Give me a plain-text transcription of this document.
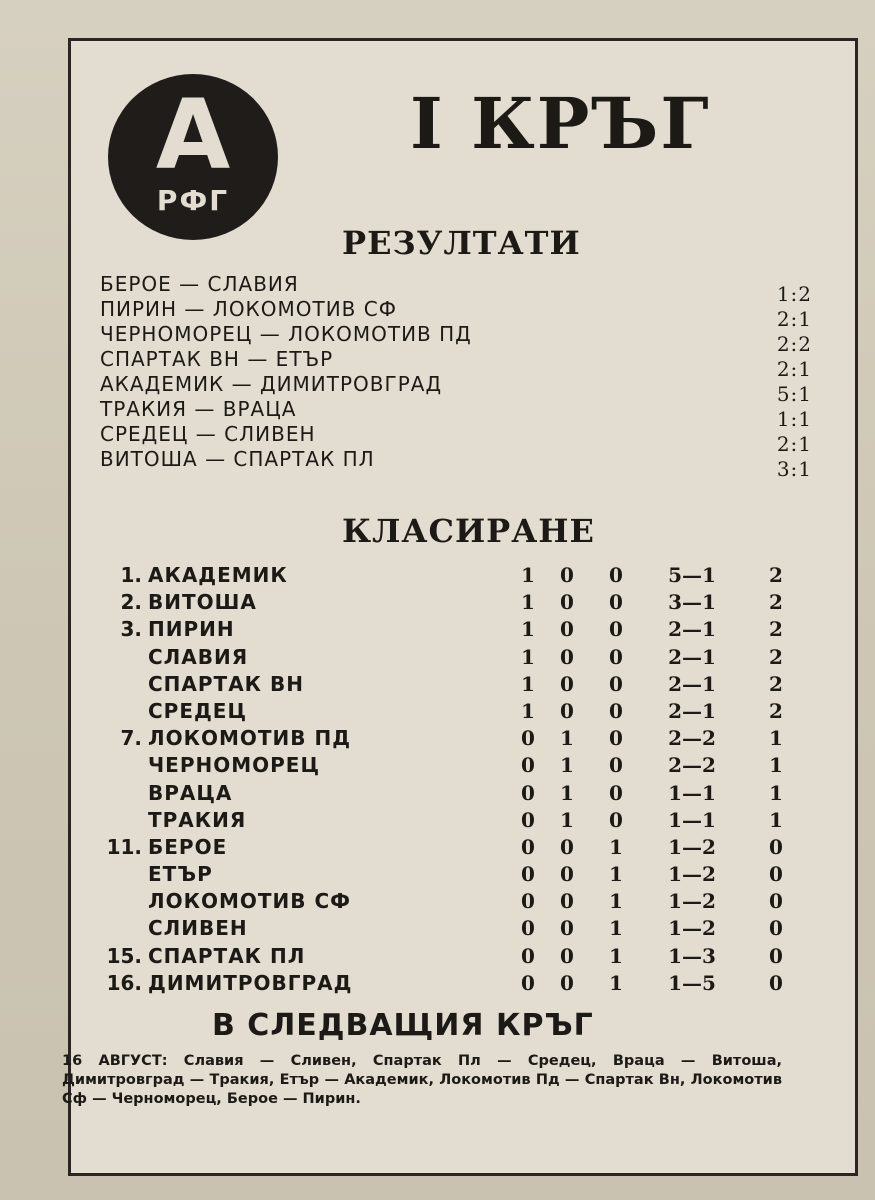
А
РФГ
I КРЪГ
РЕЗУЛТАТИ
БЕРОЕ — СЛАВИЯ	1:2
ПИРИН — ЛОКОМОТИВ СФ	2:1
ЧЕРНОМОРЕЦ — ЛОКОМОТИВ ПД	2:2
СПАРТАК ВН — ЕТЪР	2:1
АКАДЕМИК — ДИМИТРОВГРАД	5:1
ТРАКИЯ — ВРАЦА	1:1
СРЕДЕЦ — СЛИВЕН	2:1
ВИТОША — СПАРТАК ПЛ	3:1
КЛАСИРАНЕ
1. АКАДЕМИК	1 0 0	5—1	2
2. ВИТОША	1 0 0	3—1	2
3. ПИРИН	1 0 0	2—1	2
СЛАВИЯ	1 0 0	2—1	2
СПАРТАК ВН	1 0 0	2—1	2
СРЕДЕЦ	1 0 0	2—1	2
7. ЛОКОМОТИВ ПД	0 1 0	2—2	1
ЧЕРНОМОРЕЦ	0 1 0	2—2	1
ВРАЦА	0 1 0	1—1	1
ТРАКИЯ	0 1 0	1—1	1
11. БЕРОЕ	0 0 1	1—2	0
ЕТЪР	0 0 1	1—2	0
ЛОКОМОТИВ СФ	0 0 1	1—2	0
СЛИВЕН	0 0 1	1—2	0
15. СПАРТАК ПЛ	0 0 1	1—3	0
16. ДИМИТРОВГРАД	0 0 1	1—5	0
В СЛЕДВАЩИЯ КРЪГ
16 АВГУСТ: Славия — Сливен, Спартак Пл — Средец, Враца — Витоша, Димитровград — Тракия, Етър — Академик, Локомотив Пд — Спартак Вн, Локомотив Сф — Черноморец, Берое — Пирин.
